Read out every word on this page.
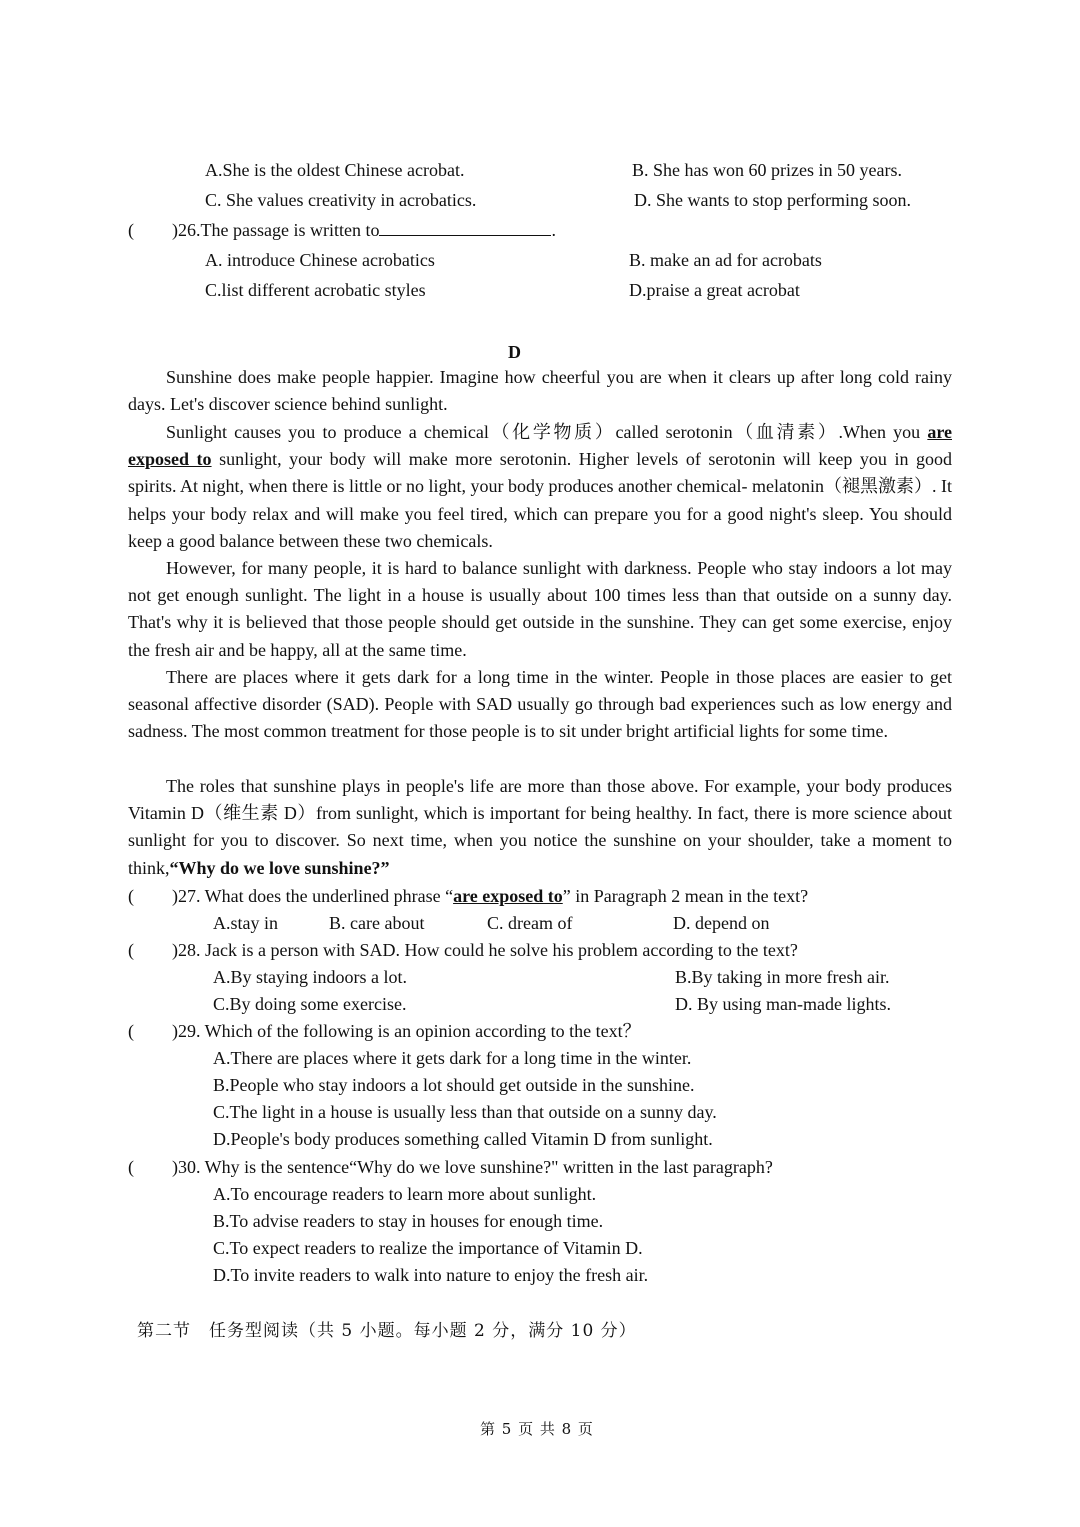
A.She is the oldest Chinese acrobat.	B. She has won 60 prizes in 50 years.
C. She values creativity in acrobatics.	D. She wants to stop performing soon.
( )26.The passage is written to	.
A. introduce Chinese acrobatics	B. make an ad for acrobats
C.list different acrobatic styles	D.praise a great acrobat
D
Sunshine does make people happier. Imagine how cheerful you are when it clears up after long cold rainy days. Let's discover science behind sunlight.
Sunlight causes you to produce a chemical（化学物质）called serotonin（血清素）.When you are exposed to sunlight, your body will make more serotonin. Higher levels of serotonin will keep you in good spirits. At night, when there is little or no light, your body produces another chemical- melatonin（褪黑激素）. It helps your body relax and will make you feel tired, which can prepare you for a good night's sleep. You should keep a good balance between these two chemicals.
However, for many people, it is hard to balance sunlight with darkness. People who stay indoors a lot may not get enough sunlight. The light in a house is usually about 100 times less than that outside on a sunny day. That's why it is believed that those people should get outside in the sunshine. They can get some exercise, enjoy the fresh air and be happy, all at the same time.
There are places where it gets dark for a long time in the winter. People in those places are easier to get seasonal affective disorder (SAD). People with SAD usually go through bad experiences such as low energy and sadness. The most common treatment for those people is to sit under bright artificial lights for some time.
The roles that sunshine plays in people's life are more than those above. For example, your body produces Vitamin D（维生素 D）from sunlight, which is important for being healthy. In fact, there is more science about sunlight for you to discover. So next time, when you notice the sunshine on your shoulder, take a moment to think,“Why do we love sunshine?”
( )27. What does the underlined phrase “are exposed to” in Paragraph 2 mean in the text?
A.stay in	B. care about	C. dream of	D. depend on
( )28. Jack is a person with SAD. How could he solve his problem according to the text?
A.By staying indoors a lot.	B.By taking in more fresh air.
C.By doing some exercise.	D. By using man-made lights.
( )29. Which of the following is an opinion according to the text？
A.There are places where it gets dark for a long time in the winter.
B.People who stay indoors a lot should get outside in the sunshine.
C.The light in a house is usually less than that outside on a sunny day.
D.People's body produces something called Vitamin D from sunlight.
( )30. Why is the sentence“Why do we love sunshine?" written in the last paragraph?
A.To encourage readers to learn more about sunlight.
B.To advise readers to stay in houses for enough time.
C.To expect readers to realize the importance of Vitamin D.
D.To invite readers to walk into nature to enjoy the fresh air.
第二节　任务型阅读（共 5 小题。每小题 2 分，满分 10 分）
第 5 页 共 8 页
